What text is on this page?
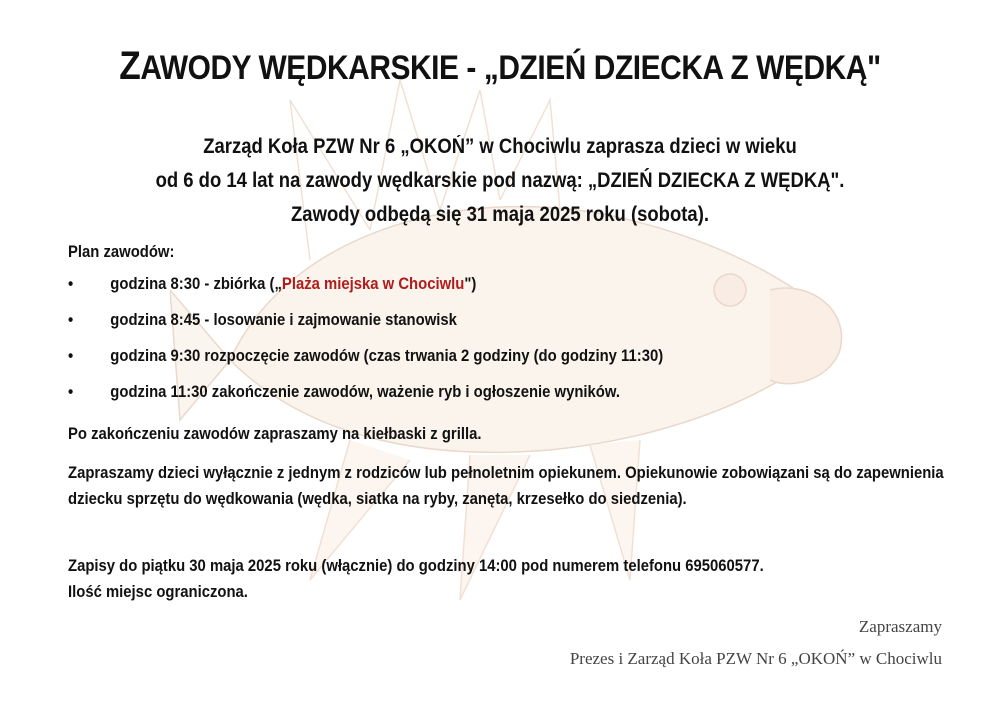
ZAWODY WĘDKARSKIE - „DZIEŃ DZIECKA Z WĘDKĄ"
Zarząd Koła PZW Nr 6 „OKOŃ” w Chociwlu zaprasza dzieci w wieku
od 6 do 14 lat na zawody wędkarskie pod nazwą: „DZIEŃ DZIECKA Z WĘDKĄ".
Zawody odbędą się 31 maja 2025 roku (sobota).
Plan zawodów:
• godzina 8:30 - zbiórka („Plaża miejska w Chociwlu")
• godzina 8:45 - losowanie i zajmowanie stanowisk
• godzina 9:30 rozpoczęcie zawodów (czas trwania 2 godziny (do godziny 11:30)
• godzina 11:30 zakończenie zawodów, ważenie ryb i ogłoszenie wyników.
Po zakończeniu zawodów zapraszamy na kiełbaski z grilla.
Zapraszamy dzieci wyłącznie z jednym z rodziców lub pełnoletnim opiekunem. Opiekunowie zobowiązani są do zapewnienia dziecku sprzętu do wędkowania (wędka, siatka na ryby, zanęta, krzesełko do siedzenia).
Zapisy do piątku 30 maja 2025 roku (włącznie) do godziny 14:00 pod numerem telefonu 695060577.
Ilość miejsc ograniczona.
Zapraszamy
Prezes i Zarząd Koła PZW Nr 6 „OKOŃ” w Chociwlu
